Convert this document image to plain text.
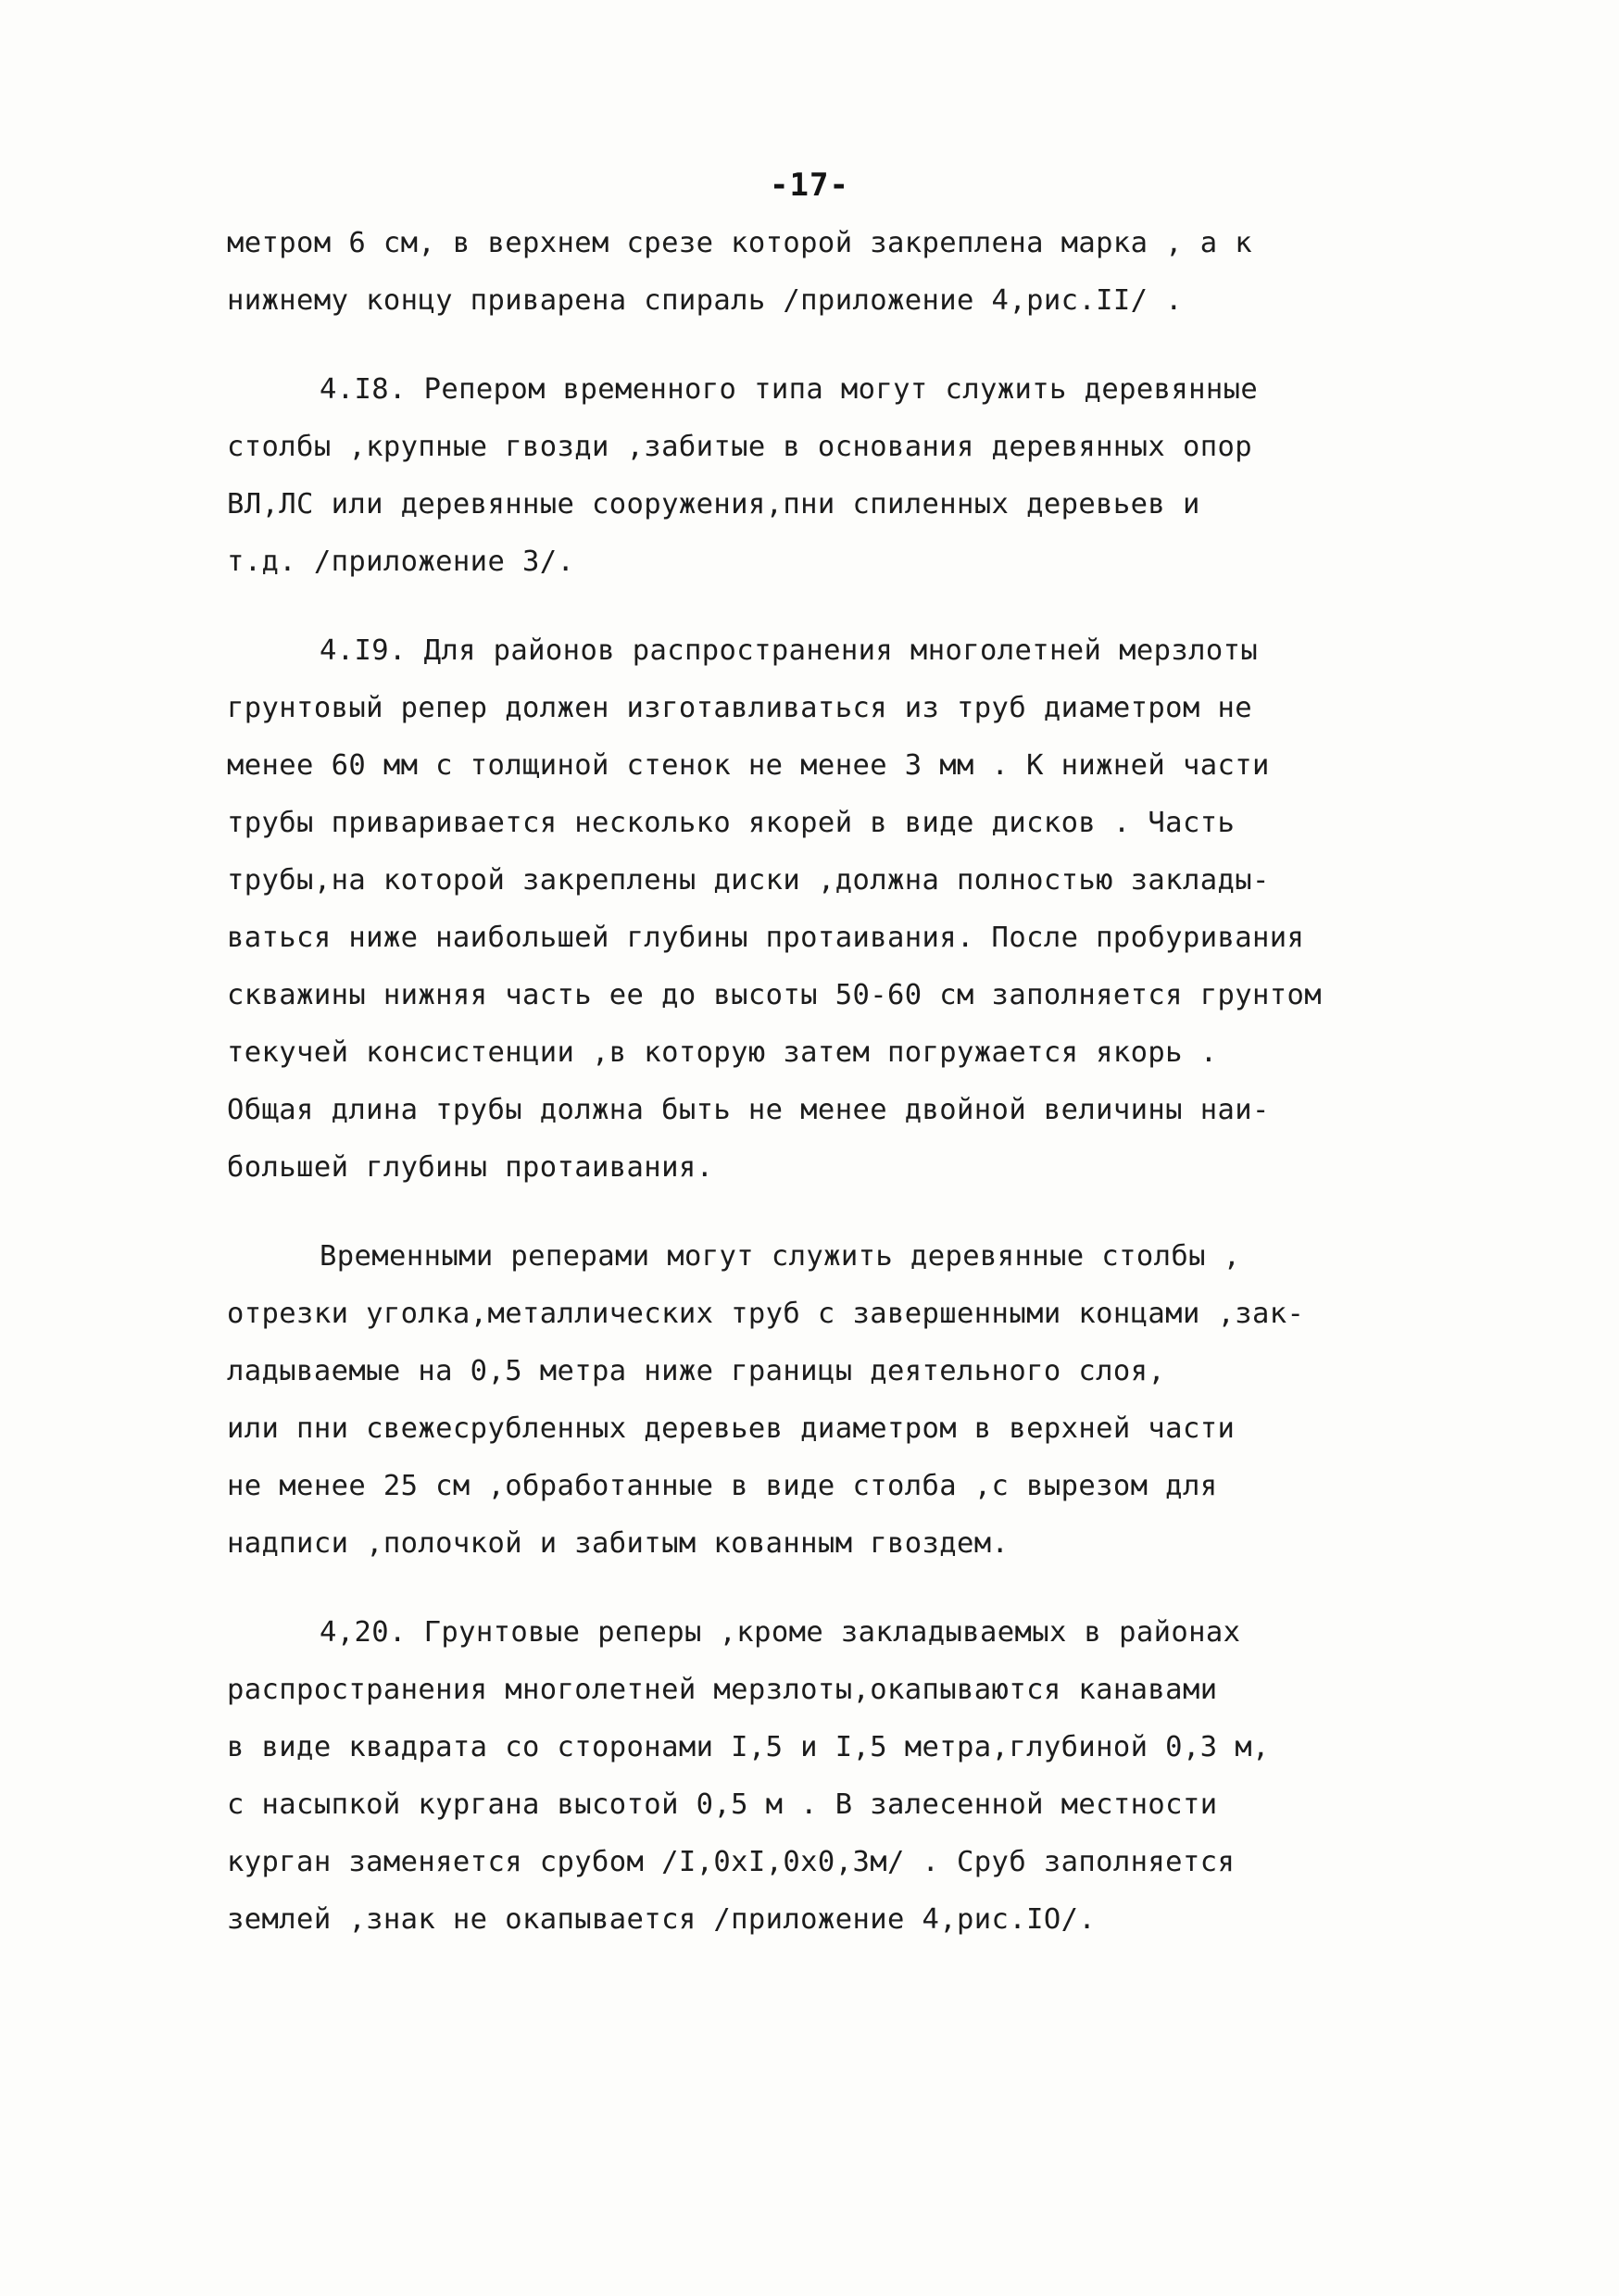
-17-
метром 6 см, в верхнем срезе которой закреплена марка , а к
нижнему концу приварена спираль /приложение 4,рис.II/ .
4.I8. Репером временного типа могут служить деревянные
столбы ,крупные гвозди ,забитые в основания деревянных опор
ВЛ,ЛС или деревянные сооружения,пни спиленных деревьев и
т.д. /приложение 3/.
4.I9. Для районов распространения многолетней мерзлоты
грунтовый репер должен изготавливаться из труб диаметром не
менее 60 мм с толщиной стенок не менее 3 мм . К нижней части
трубы приваривается несколько якорей в виде дисков . Часть
трубы,на которой закреплены диски ,должна полностью заклады-
ваться ниже наибольшей глубины протаивания. После пробуривания
скважины нижняя часть ее до высоты 50-60 см заполняется грунтом
текучей консистенции ,в которую затем погружается якорь .
Общая длина трубы должна быть не менее двойной величины наи-
большей глубины протаивания.
Временными реперами могут служить деревянные столбы ,
отрезки уголка,металлических труб с завершенными концами ,зак-
ладываемые на 0,5 метра ниже границы деятельного слоя,
или пни свежесрубленных деревьев диаметром в верхней части
не менее 25 см ,обработанные в виде столба ,с вырезом для
надписи ,полочкой и забитым кованным гвоздем.
4,20. Грунтовые реперы ,кроме закладываемых в районах
распространения многолетней мерзлоты,окапываются канавами
в виде квадрата со сторонами I,5 и I,5 метра,глубиной 0,3 м,
с насыпкой кургана высотой 0,5 м . В залесенной местности
курган заменяется срубом /I,0xI,0x0,3м/ . Сруб заполняется
землей ,знак не окапывается /приложение 4,рис.IO/.
